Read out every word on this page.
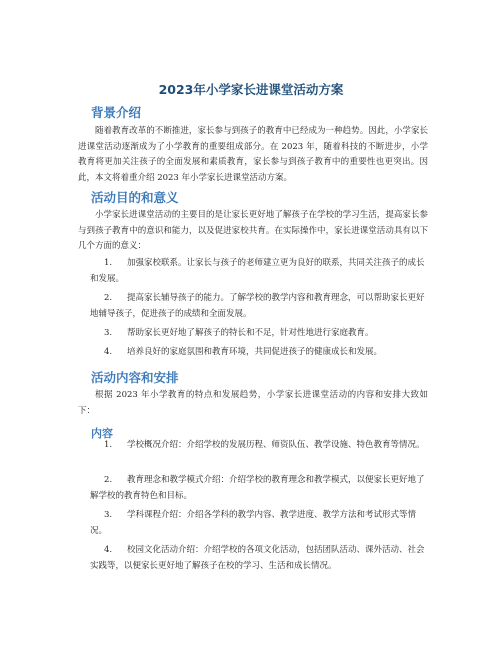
2023年小学家长进课堂活动方案
背景介绍
随着教育改革的不断推进，家长参与到孩子的教育中已经成为一种趋势。因此，小学家长进课堂活动逐渐成为了小学教育的重要组成部分。在 2023 年，随着科技的不断进步，小学教育将更加关注孩子的全面发展和素质教育，家长参与到孩子教育中的重要性也更突出。因此，本文将着重介绍 2023 年小学家长进课堂活动方案。
活动目的和意义
小学家长进课堂活动的主要目的是让家长更好地了解孩子在学校的学习生活，提高家长参与到孩子教育中的意识和能力，以及促进家校共育。在实际操作中，家长进课堂活动具有以下几个方面的意义：
1. 加强家校联系。让家长与孩子的老师建立更为良好的联系，共同关注孩子的成长和发展。
2. 提高家长辅导孩子的能力。了解学校的教学内容和教育理念，可以帮助家长更好地辅导孩子，促进孩子的成绩和全面发展。
3. 帮助家长更好地了解孩子的特长和不足，针对性地进行家庭教育。
4. 培养良好的家庭氛围和教育环境，共同促进孩子的健康成长和发展。
活动内容和安排
根据 2023 年小学教育的特点和发展趋势，小学家长进课堂活动的内容和安排大致如下：
内容
1. 学校概况介绍：介绍学校的发展历程、师资队伍、教学设施、特色教育等情况。
2. 教育理念和教学模式介绍：介绍学校的教育理念和教学模式，以便家长更好地了解学校的教育特色和目标。
3. 学科课程介绍：介绍各学科的教学内容、教学进度、教学方法和考试形式等情况。
4. 校园文化活动介绍：介绍学校的各项文化活动，包括团队活动、课外活动、社会实践等，以便家长更好地了解孩子在校的学习、生活和成长情况。
